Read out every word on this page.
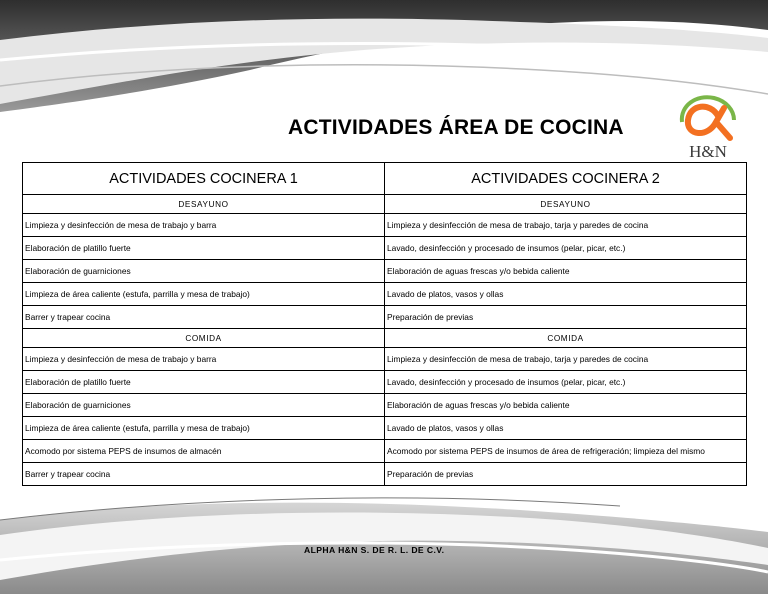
ACTIVIDADES ÁREA DE COCINA
H&N
ACTIVIDADES COCINERA 1	ACTIVIDADES COCINERA 2
DESAYUNO	DESAYUNO
Limpieza y desinfección de mesa de trabajo y barra	Limpieza y desinfección de mesa de trabajo, tarja y paredes de cocina
Elaboración de platillo fuerte	Lavado, desinfección y procesado de insumos (pelar, picar, etc.)
Elaboración de guarniciones	Elaboración de aguas frescas y/o bebida caliente
Limpieza de área caliente (estufa, parrilla y mesa de trabajo)	Lavado de platos, vasos y ollas
Barrer y trapear cocina	Preparación de previas
COMIDA	COMIDA
Limpieza y desinfección de mesa de trabajo y barra	Limpieza y desinfección de mesa de trabajo, tarja y paredes de cocina
Elaboración de platillo fuerte	Lavado, desinfección y procesado de insumos (pelar, picar, etc.)
Elaboración de guarniciones	Elaboración de aguas frescas y/o bebida caliente
Limpieza de área caliente (estufa, parrilla y mesa de trabajo)	Lavado de platos, vasos y ollas
Acomodo por sistema PEPS de insumos de almacén	Acomodo por sistema PEPS de insumos de área de refrigeración; limpieza del mismo
Barrer y trapear cocina	Preparación de previas
ALPHA H&N S. DE R. L. DE C.V.
